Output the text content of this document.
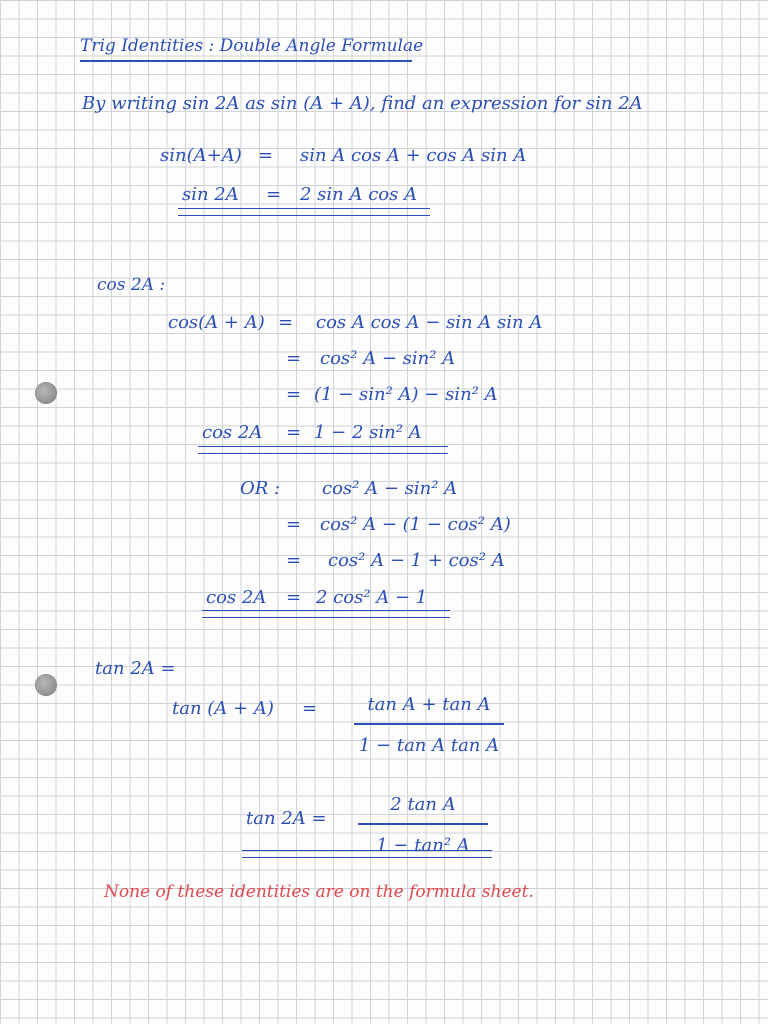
Trig Identities : Double Angle Formulae
By writing sin 2A as sin (A + A), find an expression for sin 2A
sin(A+A) = sin A cos A + cos A sin A
sin 2A = 2 sin A cos A
cos 2A :
cos(A + A) = cos A cos A − sin A sin A
= cos² A − sin² A
= (1 − sin² A) − sin² A
cos 2A = 1 − 2 sin² A
OR : cos² A − sin² A
= cos² A − (1 − cos² A)
= cos² A − 1 + cos² A
cos 2A = 2 cos² A − 1
tan 2A =
tan (A + A) =	tan A + tan A
1 − tan A tan A
tan 2A =
2 tan A
1 − tan² A
None of these identities are on the formula sheet.
